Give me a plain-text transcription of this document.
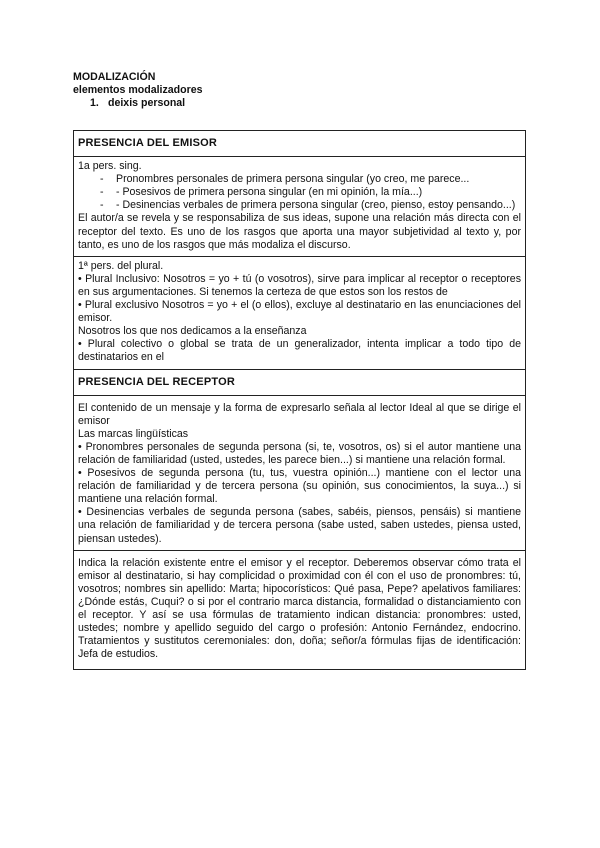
MODALIZACIÓN
elementos modalizadores
1. deixis personal
PRESENCIA DEL EMISOR

1a pers. sing.

- Pronombres personales de primera persona singular (yo creo, me parece...
- - Posesivos de primera persona singular (en mi opinión, la mía...)
- - Desinencias verbales de primera persona singular (creo, pienso, estoy pensando...)

El autor/a se revela y se responsabiliza de sus ideas, supone una relación más directa con el receptor del texto. Es uno de los rasgos que aporta una mayor subjetividad al texto y, por tanto, es uno de los rasgos que más modaliza el discurso.

1ª pers. del plural.

• Plural Inclusivo: Nosotros = yo + tú (o vosotros), sirve para implicar al receptor o receptores en sus argumentaciones. Si tenemos la certeza de que estos son los restos de

• Plural exclusivo Nosotros = yo + el (o ellos), excluye al destinatario en las enunciaciones del emisor.

Nosotros los que nos dedicamos a la enseñanza

• Plural colectivo o global se trata de un generalizador, intenta implicar a todo tipo de destinatarios en el

PRESENCIA DEL RECEPTOR

El contenido de un mensaje y la forma de expresarlo señala al lector Ideal al que se dirige el emisor

Las marcas lingüísticas

• Pronombres personales de segunda persona (si, te, vosotros, os) si el autor mantiene una relación de familiaridad (usted, ustedes, les parece bien...) si mantiene una relación formal.

• Posesivos de segunda persona (tu, tus, vuestra opinión...) mantiene con el lector una relación de familiaridad y de tercera persona (su opinión, sus conocimientos, la suya...) si mantiene una relación formal.

• Desinencias verbales de segunda persona (sabes, sabéis, piensos, pensáis) si mantiene una relación de familiaridad y de tercera persona (sabe usted, saben ustedes, piensa usted, piensan ustedes).

Indica la relación existente entre el emisor y el receptor. Deberemos observar cómo trata el emisor al destinatario, si hay complicidad o proximidad con él con el uso de pronombres: tú, vosotros; nombres sin apellido: Marta; hipocorísticos: Qué pasa, Pepe? apelativos familiares: ¿Dónde estás, Cuqui? o si por el contrario marca distancia, formalidad o distanciamiento con el receptor. Y así se usa fórmulas de tratamiento indican distancia: pronombres: usted, ustedes; nombre y apellido seguido del cargo o profesión: Antonio Fernández, endocrino. Tratamientos y sustitutos ceremoniales: don, doña; señor/a fórmulas fijas de identificación: Jefa de estudios.
